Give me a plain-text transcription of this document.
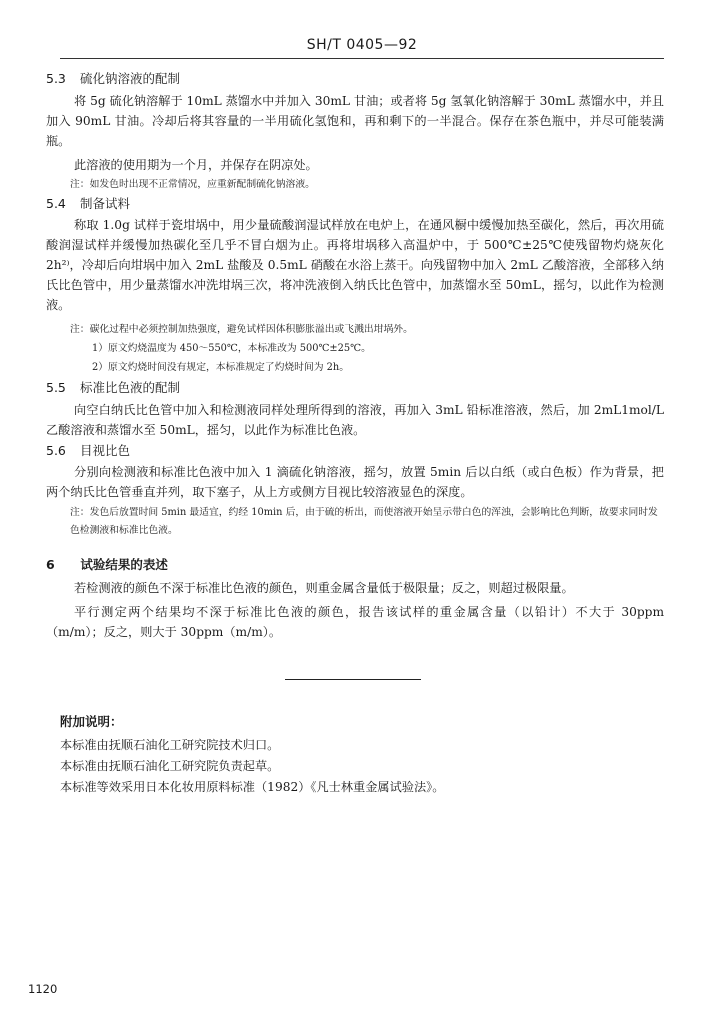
SH/T 0405—92
5.3 硫化钠溶液的配制
将 5g 硫化钠溶解于 10mL 蒸馏水中并加入 30mL 甘油；或者将 5g 氢氧化钠溶解于 30mL 蒸馏水中，并且加入 90mL 甘油。冷却后将其容量的一半用硫化氢饱和，再和剩下的一半混合。保存在茶色瓶中，并尽可能装满瓶。
此溶液的使用期为一个月，并保存在阴凉处。
注：如发色时出现不正常情况，应重新配制硫化钠溶液。
5.4 制备试料
称取 1.0g 试样于瓷坩埚中，用少量硫酸润湿试样放在电炉上，在通风橱中缓慢加热至碳化，然后，再次用硫酸润湿试样并缓慢加热碳化至几乎不冒白烟为止。再将坩埚移入高温炉中，于 500℃±25℃使残留物灼烧灰化 2h²⁾，冷却后向坩埚中加入 2mL 盐酸及 0.5mL 硝酸在水浴上蒸干。向残留物中加入 2mL 乙酸溶液，全部移入纳氏比色管中，用少量蒸馏水冲洗坩埚三次，将冲洗液倒入纳氏比色管中，加蒸馏水至 50mL，摇匀，以此作为检测液。
注：碳化过程中必须控制加热强度，避免试样因体积膨胀溢出或飞溅出坩埚外。
1）原文灼烧温度为 450～550℃，本标准改为 500℃±25℃。
2）原文灼烧时间没有规定，本标准规定了灼烧时间为 2h。
5.5 标准比色液的配制
向空白纳氏比色管中加入和检测液同样处理所得到的溶液，再加入 3mL 铅标准溶液，然后，加 2mL1mol/L 乙酸溶液和蒸馏水至 50mL，摇匀，以此作为标准比色液。
5.6 目视比色
分别向检测液和标准比色液中加入 1 滴硫化钠溶液，摇匀，放置 5min 后以白纸（或白色板）作为背景，把两个纳氏比色管垂直并列，取下塞子，从上方或侧方目视比较溶液显色的深度。
注：发色后放置时间 5min 最适宜，约经 10min 后，由于硫的析出，而使溶液开始呈示带白色的浑浊，会影响比色判断，故要求同时发色检测液和标准比色液。
6 试验结果的表述
若检测液的颜色不深于标准比色液的颜色，则重金属含量低于极限量；反之，则超过极限量。
平行测定两个结果均不深于标准比色液的颜色，报告该试样的重金属含量（以铅计）不大于 30ppm（m/m）；反之，则大于 30ppm（m/m）。
附加说明：
本标准由抚顺石油化工研究院技术归口。
本标准由抚顺石油化工研究院负责起草。
本标准等效采用日本化妆用原料标准（1982）《凡士林重金属试验法》。
1120
